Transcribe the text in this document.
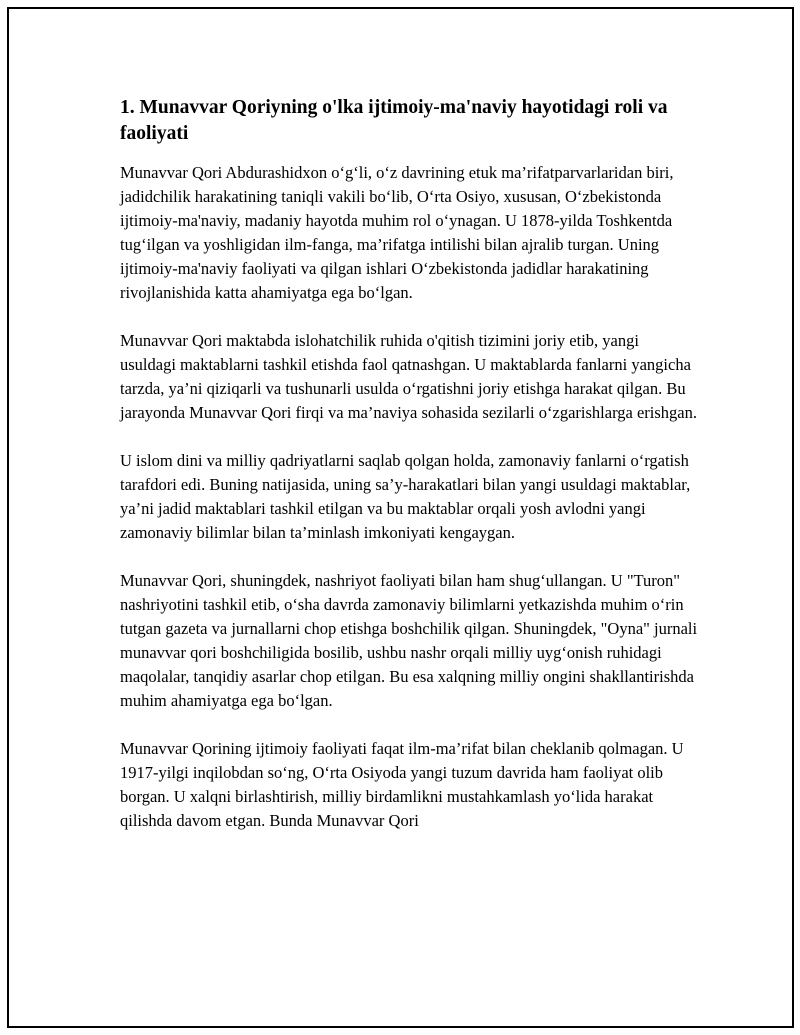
1. Munavvar Qoriyning o'lka ijtimoiy-ma'naviy hayotidagi roli va faoliyati

Munavvar Qori Abdurashidxon o‘g‘li, o‘z davrining etuk ma’rifatparvarlaridan biri, jadidchilik harakatining taniqli vakili bo‘lib, O‘rta Osiyo, xususan, O‘zbekistonda ijtimoiy-ma'naviy, madaniy hayotda muhim rol o‘ynagan. U 1878-yilda Toshkentda tug‘ilgan va yoshligidan ilm-fanga, ma’rifatga intilishi bilan ajralib turgan. Uning ijtimoiy-ma'naviy faoliyati va qilgan ishlari O‘zbekistonda jadidlar harakatining rivojlanishida katta ahamiyatga ega bo‘lgan.

Munavvar Qori maktabda islohatchilik ruhida o'qitish tizimini joriy etib, yangi usuldagi maktablarni tashkil etishda faol qatnashgan. U maktablarda fanlarni yangicha tarzda, ya’ni qiziqarli va tushunarli usulda o‘rgatishni joriy etishga harakat qilgan. Bu jarayonda Munavvar Qori firqi va ma’naviya sohasida sezilarli o‘zgarishlarga erishgan.

U islom dini va milliy qadriyatlarni saqlab qolgan holda, zamonaviy fanlarni o‘rgatish tarafdori edi. Buning natijasida, uning sa’y-harakatlari bilan yangi usuldagi maktablar, ya’ni jadid maktablari tashkil etilgan va bu maktablar orqali yosh avlodni yangi zamonaviy bilimlar bilan ta’minlash imkoniyati kengaygan.

Munavvar Qori, shuningdek, nashriyot faoliyati bilan ham shug‘ullangan. U "Turon" nashriyotini tashkil etib, o‘sha davrda zamonaviy bilimlarni yetkazishda muhim o‘rin tutgan gazeta va jurnallarni chop etishga boshchilik qilgan. Shuningdek, "Oyna" jurnali munavvar qori boshchiligida bosilib, ushbu nashr orqali milliy uyg‘onish ruhidagi maqolalar, tanqidiy asarlar chop etilgan. Bu esa xalqning milliy ongini shakllantirishda muhim ahamiyatga ega bo‘lgan.

Munavvar Qorining ijtimoiy faoliyati faqat ilm-ma’rifat bilan cheklanib qolmagan. U 1917-yilgi inqilobdan so‘ng, O‘rta Osiyoda yangi tuzum davrida ham faoliyat olib borgan. U xalqni birlashtirish, milliy birdamlikni mustahkamlash yo‘lida harakat qilishda davom etgan. Bunda Munavvar Qori
